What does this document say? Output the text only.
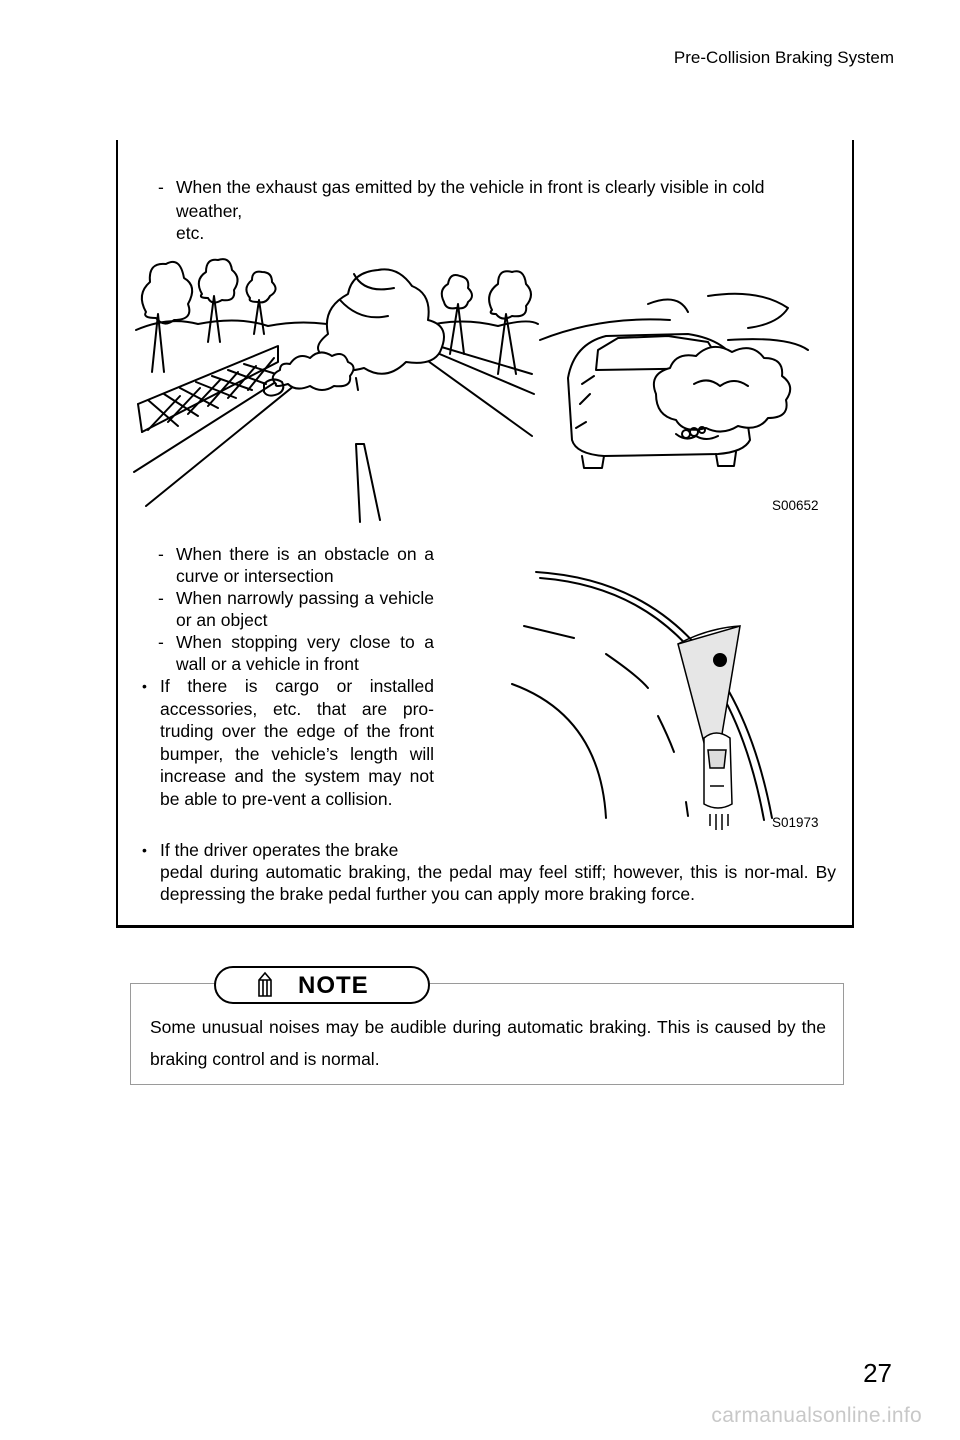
Pre-Collision Braking System
- When the exhaust gas emitted by the vehicle in front is clearly visible in cold
weather, etc.
S00652
- When there is an obstacle on a curve or intersection
- When narrowly passing a vehicle or an object
- When stopping very close to a wall or a vehicle in front
• If there is cargo or installed accessories, etc. that are pro-truding over the edge of the front bumper, the vehicle’s length will increase and the system may not be able to pre-vent a collision.
• If the driver operates the brake
pedal during automatic braking, the pedal may feel stiff; however, this is nor-mal. By depressing the brake pedal further you can apply more braking force.
S01973
NOTE
Some unusual noises may be audible during automatic braking. This is caused by the braking control and is normal.
27
carmanualsonline.info
